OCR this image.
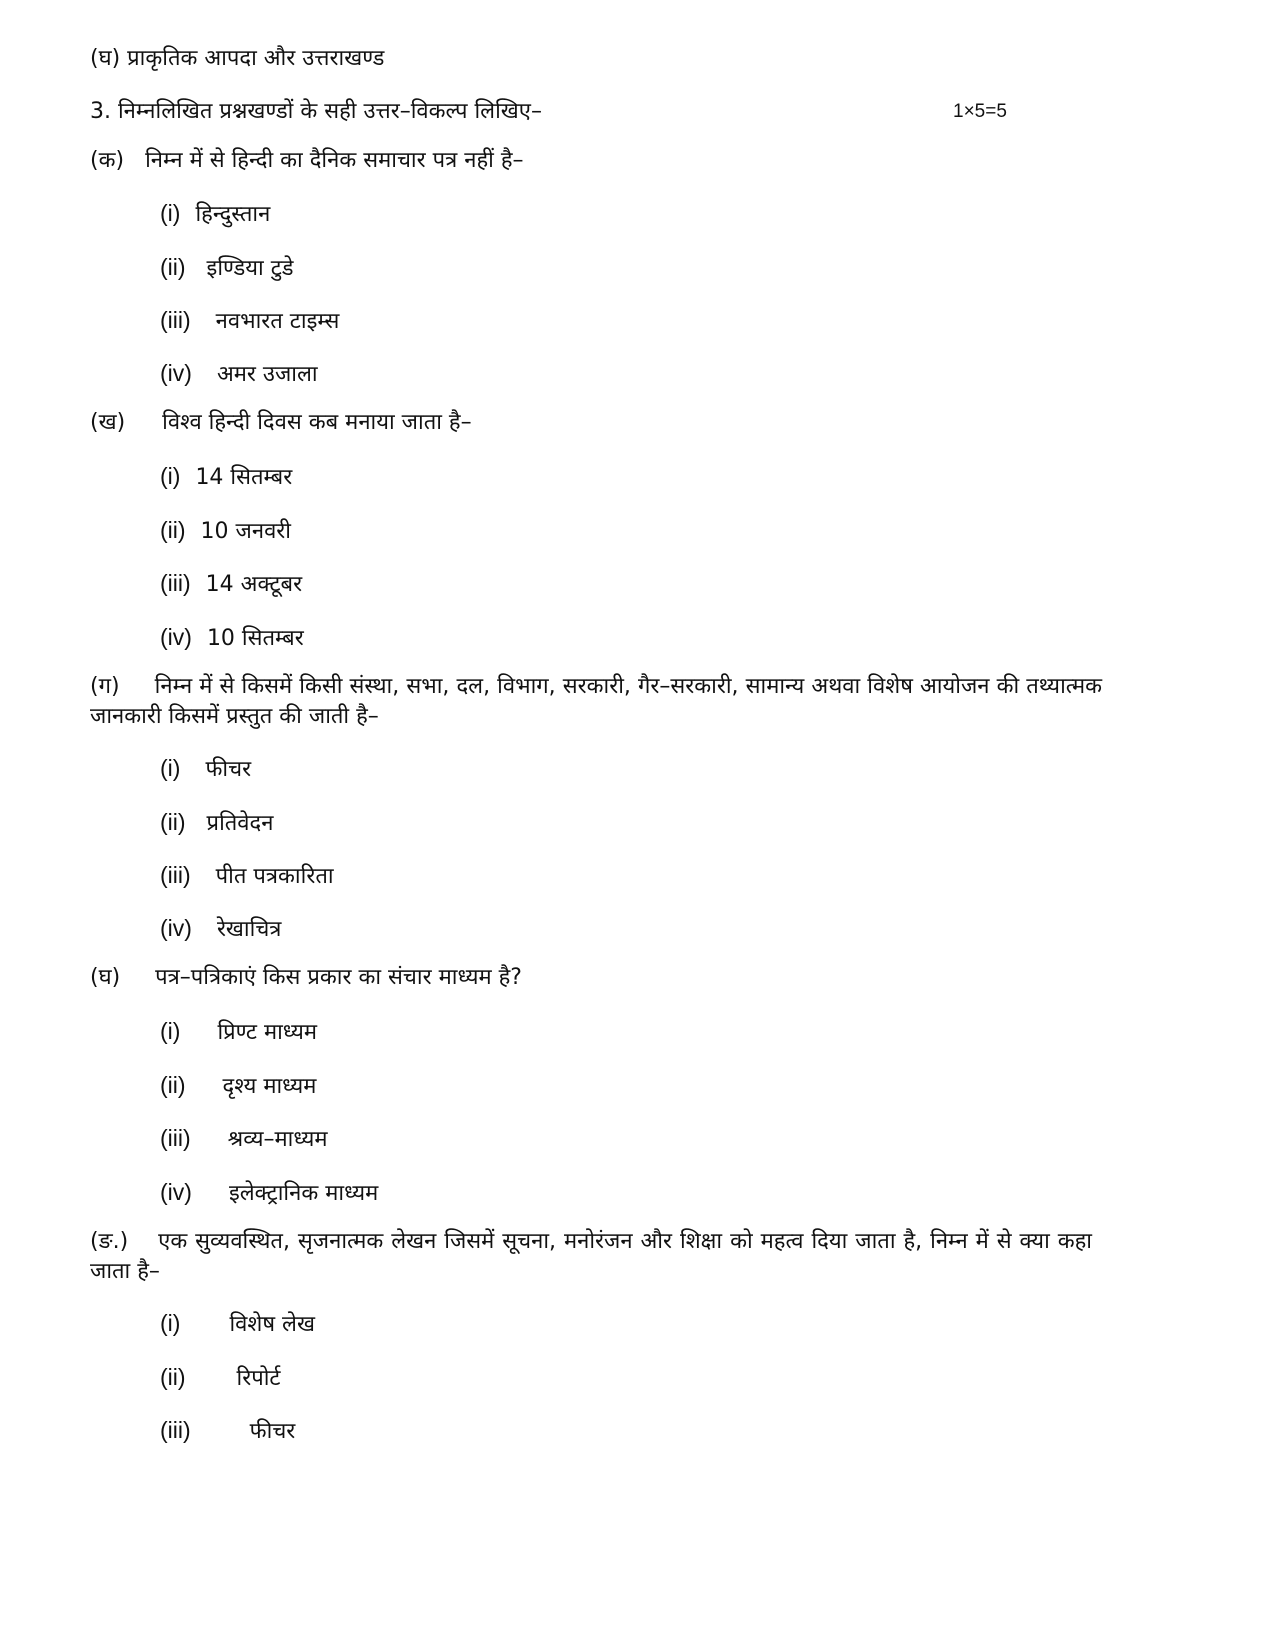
(घ) प्राकृतिक आपदा और उत्तराखण्ड
3. निम्नलिखित प्रश्नखण्डों के सही उत्तर–विकल्प लिखिए–	1×5=5
(क) निम्न में से हिन्दी का दैनिक समाचार पत्र नहीं है–
(i) हिन्दुस्तान
(ii) इण्डिया टुडे
(iii) नवभारत टाइम्स
(iv) अमर उजाला
(ख) विश्व हिन्दी दिवस कब मनाया जाता है–
(i) 14 सितम्बर
(ii) 10 जनवरी
(iii) 14 अक्टूबर
(iv) 10 सितम्बर
(ग) निम्न में से किसमें किसी संस्था, सभा, दल, विभाग, सरकारी, गैर–सरकारी, सामान्य अथवा विशेष आयोजन की तथ्यात्मक जानकारी किसमें प्रस्तुत की जाती है–
(i) फीचर
(ii) प्रतिवेदन
(iii) पीत पत्रकारिता
(iv) रेखाचित्र
(घ) पत्र–पत्रिकाएं किस प्रकार का संचार माध्यम है?
(i) प्रिण्ट माध्यम
(ii) दृश्य माध्यम
(iii) श्रव्य–माध्यम
(iv) इलेक्ट्रानिक माध्यम
(ङ.) एक सुव्यवस्थित, सृजनात्मक लेखन जिसमें सूचना, मनोरंजन और शिक्षा को महत्व दिया जाता है, निम्न में से क्या कहा जाता है–
(i) विशेष लेख
(ii) रिपोर्ट
(iii)	फीचर
